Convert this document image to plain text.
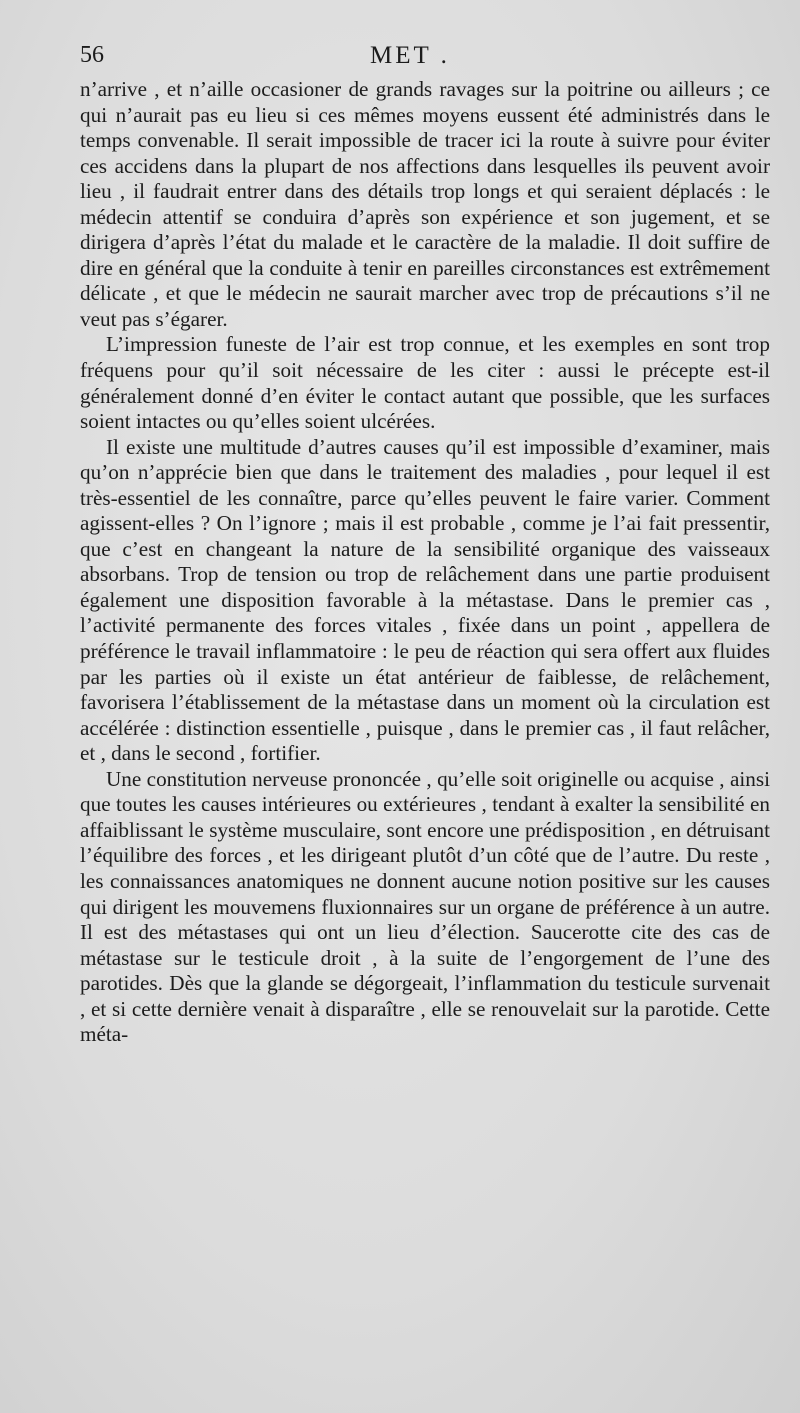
56	MET .

n’arrive , et n’aille occasioner de grands ravages sur la poitrine ou ailleurs ; ce qui n’aurait pas eu lieu si ces mêmes moyens eussent été administrés dans le temps convenable. Il serait impossible de tracer ici la route à suivre pour éviter ces accidens dans la plupart de nos affections dans lesquelles ils peuvent avoir lieu , il faudrait entrer dans des détails trop longs et qui seraient déplacés : le médecin attentif se conduira d’après son expérience et son jugement, et se dirigera d’après l’état du malade et le caractère de la maladie. Il doit suffire de dire en général que la conduite à tenir en pareilles circonstances est extrêmement délicate , et que le médecin ne saurait marcher avec trop de précautions s’il ne veut pas s’égarer.

L’impression funeste de l’air est trop connue, et les exemples en sont trop fréquens pour qu’il soit nécessaire de les citer : aussi le précepte est-il généralement donné d’en éviter le contact autant que possible, que les surfaces soient intactes ou qu’elles soient ulcérées.

Il existe une multitude d’autres causes qu’il est impossible d’examiner, mais qu’on n’apprécie bien que dans le traitement des maladies , pour lequel il est très-essentiel de les connaître, parce qu’elles peuvent le faire varier. Comment agissent-elles ? On l’ignore ; mais il est probable , comme je l’ai fait pressentir, que c’est en changeant la nature de la sensibilité organique des vaisseaux absorbans. Trop de tension ou trop de relâchement dans une partie produisent également une disposition favorable à la métastase. Dans le premier cas , l’activité permanente des forces vitales , fixée dans un point , appellera de préférence le travail inflammatoire : le peu de réaction qui sera offert aux fluides par les parties où il existe un état antérieur de faiblesse, de relâchement, favorisera l’établissement de la métastase dans un moment où la circulation est accélérée : distinction essentielle , puisque , dans le premier cas , il faut relâcher, et , dans le second , fortifier.

Une constitution nerveuse prononcée , qu’elle soit originelle ou acquise , ainsi que toutes les causes intérieures ou extérieures , tendant à exalter la sensibilité en affaiblissant le système musculaire, sont encore une prédisposition , en détruisant l’équilibre des forces , et les dirigeant plutôt d’un côté que de l’autre. Du reste , les connaissances anatomiques ne donnent aucune notion positive sur les causes qui dirigent les mouvemens fluxionnaires sur un organe de préférence à un autre. Il est des métastases qui ont un lieu d’élection. Saucerotte cite des cas de métastase sur le testicule droit , à la suite de l’engorgement de l’une des parotides. Dès que la glande se dégorgeait, l’inflammation du testicule survenait , et si cette dernière venait à disparaître , elle se renouvelait sur la parotide. Cette méta-
